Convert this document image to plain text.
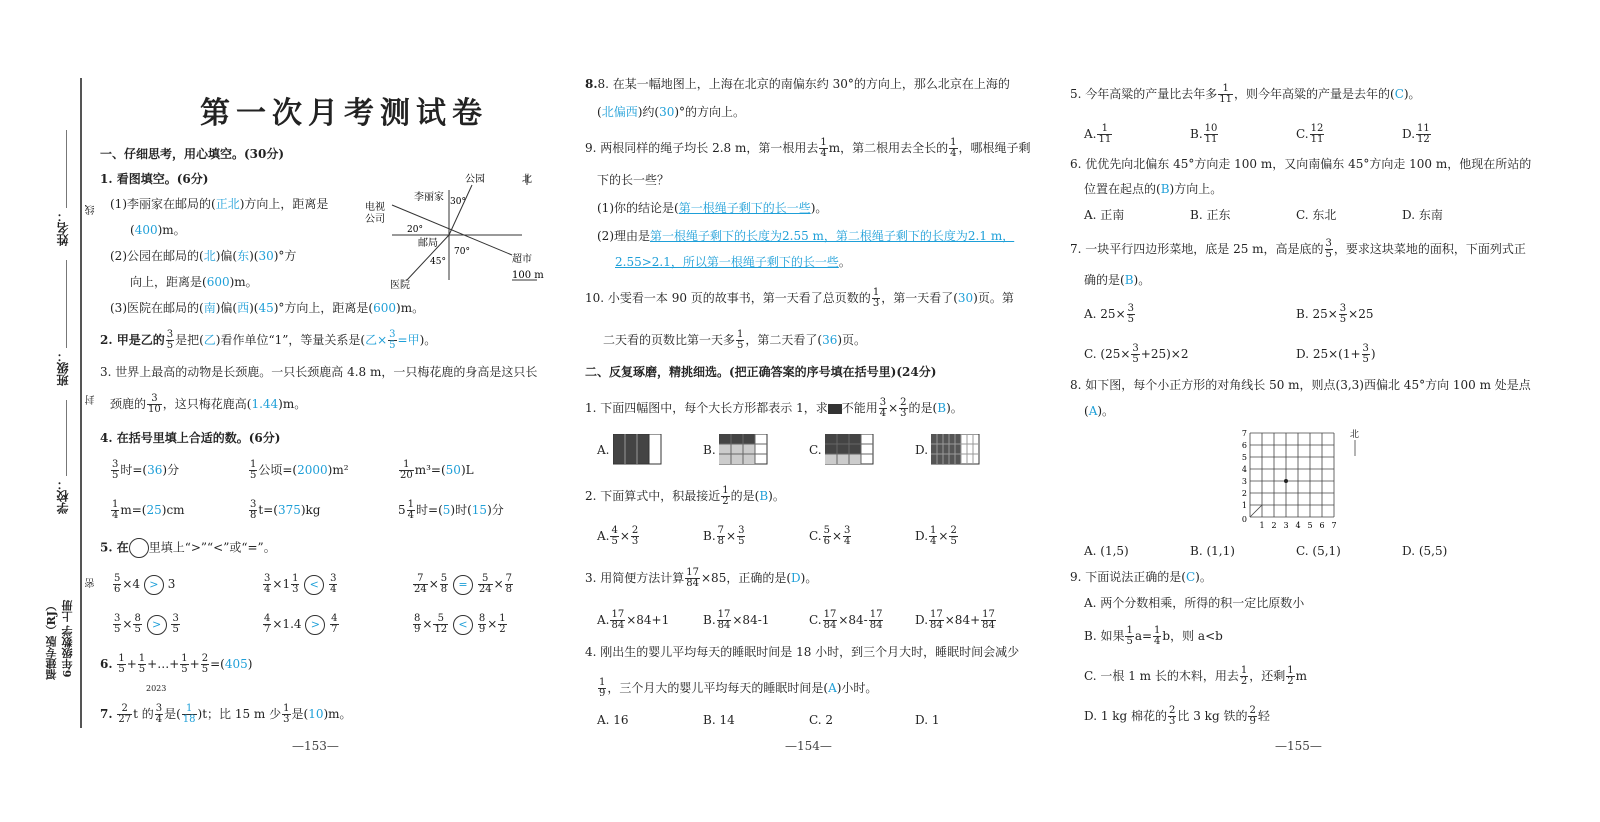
姓名：
班级：
学校：
福建专版（RJ） 6年级数学 上册
线
封
密
第一次月考测试卷
一、仔细思考，用心填空。(30分)
1. 看图填空。(6分)
(1)李丽家在邮局的(正北)方向上，距离是
(400)m。
(2)公园在邮局的(北)偏(东)(30)°方
向上，距离是(600)m。
(3)医院在邮局的(南)偏(西)(45)°方向上，距离是(600)m。
公园	北
李丽家 30°
电视
公司
20°
邮局
45°
70°
超市
医院
100 m
2. 甲是乙的 $\frac{3}{5}$ 是把(乙)看作单位“1”，等量关系是(乙× $\frac{3}{5}$ =甲)。
3. 世界上最高的动物是长颈鹿。一只长颈鹿高 4.8 m，一只梅花鹿的身高是这只长
颈鹿的 $\frac{3}{10}$ ，这只梅花鹿高(1.44)m。
4. 在括号里填上合适的数。(6分)
$\frac{3}{5}$ 时=(36)分	$\frac{1}{5}$ 公顷=(2000)m²	$\frac{1}{20} m^3=(50)L$
$\frac{1}{4} m=(25)cm$	$\frac{3}{8} t=(375)kg$	$5 \frac{1}{4}$ 时=(5)时(15)分
5. 在 里填上“>”“<”或“=”。
$\frac{5}{6} \times 4 > 3$	$\frac{3}{4} \times 1 \frac{1}{3} < \frac{3}{4}$	$\frac{7}{24} \times \frac{5}{8} = \frac{5}{24} \times \frac{7}{8}$
$\frac{3}{5} \times \frac{8}{5} > \frac{3}{5}$	$\frac{4}{7} \times 1.4 > \frac{4}{7}$	$\frac{8}{9} \times \frac{5}{12} < \frac{8}{9} \times \frac{1}{2}$
6. $\frac{1}{5} + \frac{1}{5}$ +…+ $\frac{1}{5} + \frac{2}{5} =(405)$
2023
7. $\frac{2}{27}$ t 的 $\frac{3}{4}$ 是( $\frac{1}{18} )t$；比 15 m 少 $\frac{1}{3}$ 是(10)m。
—153—
8.8. 在某一幅地图上，上海在北京的南偏东约 30°的方向上，那么北京在上海的
(北偏西)约(30)°的方向上。
9. 两根同样的绳子均长 2.8 m，第一根用去 $\frac{1}{4}$ m，第二根用去全长的 $\frac{1}{4}$ ，哪根绳子剩
下的长一些？
(1)你的结论是(第一根绳子剩下的长一些)。
(2)理由是第一根绳子剩下的长度为2.55 m，第二根绳子剩下的长度为2.1 m，
2.55>2.1，所以第一根绳子剩下的长一些。
10. 小雯看一本 90 页的故事书，第一天看了总页数的 $\frac{1}{3}$ ，第一天看了(30)页。第
二天看的页数比第一天多 $\frac{1}{5}$ ，第二天看了(36)页。
二、反复琢磨，精挑细选。(把正确答案的序号填在括号里)(24分)
1. 下面四幅图中，每个大长方形都表示 1，求 不能用 $\frac{3}{4} \times \frac{2}{3}$ 的是(B)。
A.	B.	C.	D.
2. 下面算式中，积最接近 $\frac{1}{2}$ 的是(B)。
A. $\frac{4}{5} \times \frac{2}{3}$	B. $\frac{7}{8} \times \frac{3}{5}$	C. $\frac{5}{6} \times \frac{3}{4}$	D. $\frac{1}{4} \times \frac{2}{5}$
3. 用简便方法计算 $\frac{17}{84} \times 85$，正确的是(D)。
A. $\frac{17}{84} \times 84+1$	B. $\frac{17}{84} \times 84-1$	C. $\frac{17}{84} \times 84- \frac{17}{84}$	D. $\frac{17}{84} \times 84+ \frac{17}{84}$
4. 刚出生的婴儿平均每天的睡眠时间是 18 小时，到三个月大时，睡眠时间会减少
$\frac{1}{9}$ ，三个月大的婴儿平均每天的睡眠时间是(A)小时。
A. 16	B. 14	C. 2	D. 1
—154—
5. 今年高粱的产量比去年多 $\frac{1}{11}$ ，则今年高粱的产量是去年的(C)。
A. $\frac{1}{11}$	B. $\frac{10}{11}$	C. $\frac{12}{11}$	D. $\frac{11}{12}$
6. 优优先向北偏东 45°方向走 100 m，又向南偏东 45°方向走 100 m，他现在所站的
位置在起点的(B)方向上。
A. 正南	B. 正东	C. 东北	D. 东南
7. 一块平行四边形菜地，底是 25 m，高是底的 $\frac{3}{5}$ ，要求这块菜地的面积，下面列式正
确的是(B)。
A. $25\times \frac{3}{5}$	B. $25\times \frac{3}{5} \times 25$
C. $(25\times \frac{3}{5} +25)\times 2$	D. $25\times(1+ \frac{3}{5}$ )
8. 如下图，每个小正方形的对角线长 50 m，则点(3,3)西偏北 45°方向 100 m 处是点
(A)。
北
7
6
5
4
3
2
1
0
1 2 3 4 5 6 7
A. (1,5)	B. (1,1)	C. (5,1)	D. (5,5)
9. 下面说法正确的是(C)。
A. 两个分数相乘，所得的积一定比原数小
B. 如果 $\frac{1}{5} a= \frac{1}{4}$ b，则 a<b
C. 一根 1 m 长的木料，用去 $\frac{1}{2}$ ，还剩 $\frac{1}{2}$ m
D. 1 kg 棉花的 $\frac{2}{3}$ 比 3 kg 铁的 $\frac{2}{9}$ 轻
—155—
